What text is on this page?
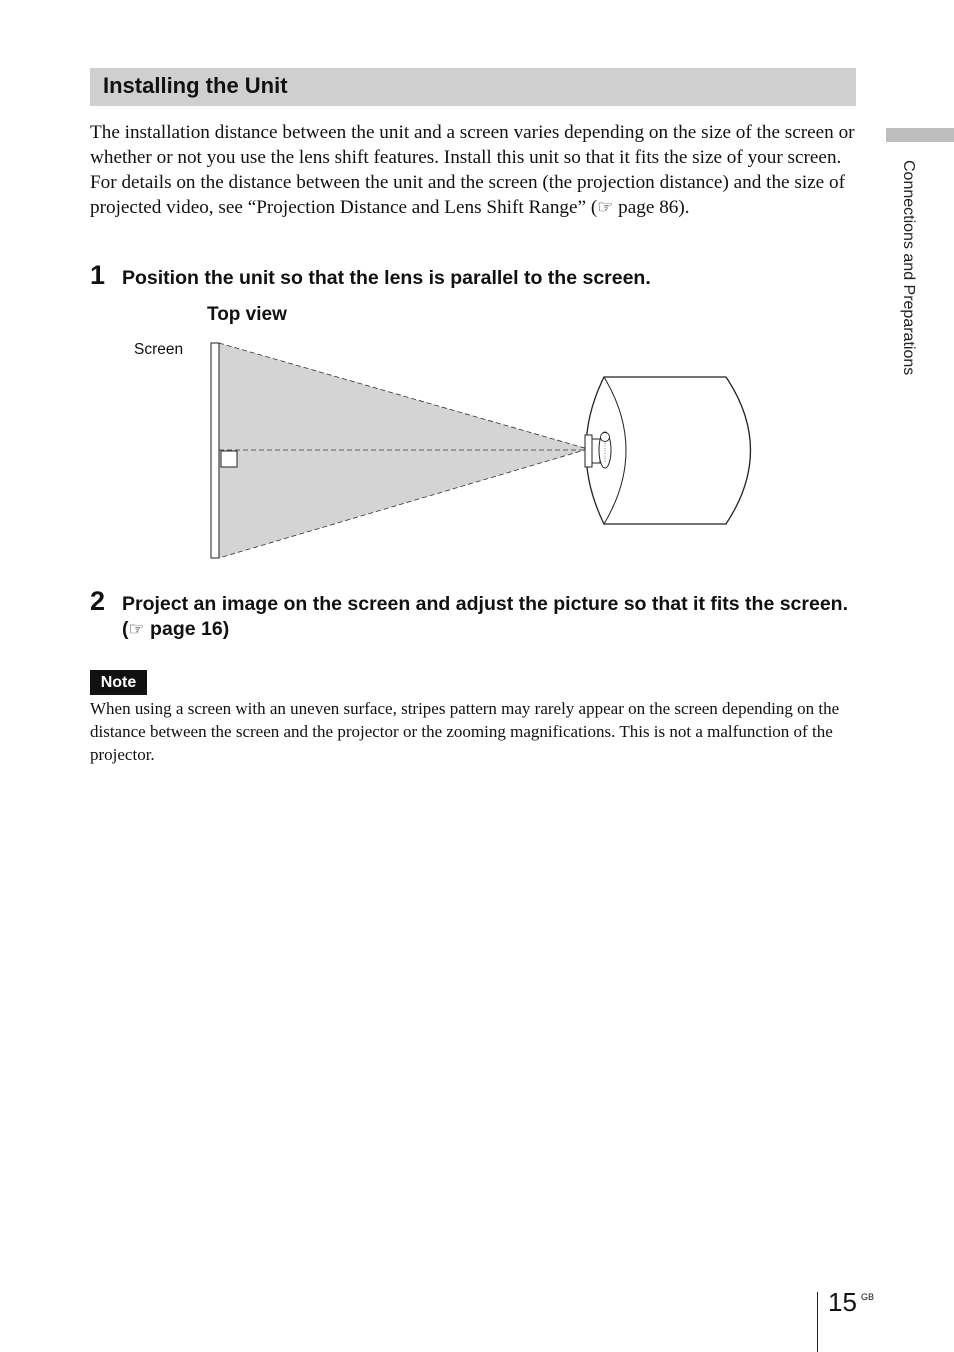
Installing the Unit

The installation distance between the unit and a screen varies depending on the size of the screen or whether or not you use the lens shift features. Install this unit so that it fits the size of your screen. For details on the distance between the unit and the screen (the projection distance) and the size of projected video, see “Projection Distance and Lens Shift Range” (☞ page 86).

1 Position the unit so that the lens is parallel to the screen.
Top view
Screen
2 Project an image on the screen and adjust the picture so that it fits the screen. (☞ page 16)
Note

When using a screen with an uneven surface, stripes pattern may rarely appear on the screen depending on the distance between the screen and the projector or the zooming magnifications. This is not a malfunction of the projector.

Connections and Preparations
15 GB
